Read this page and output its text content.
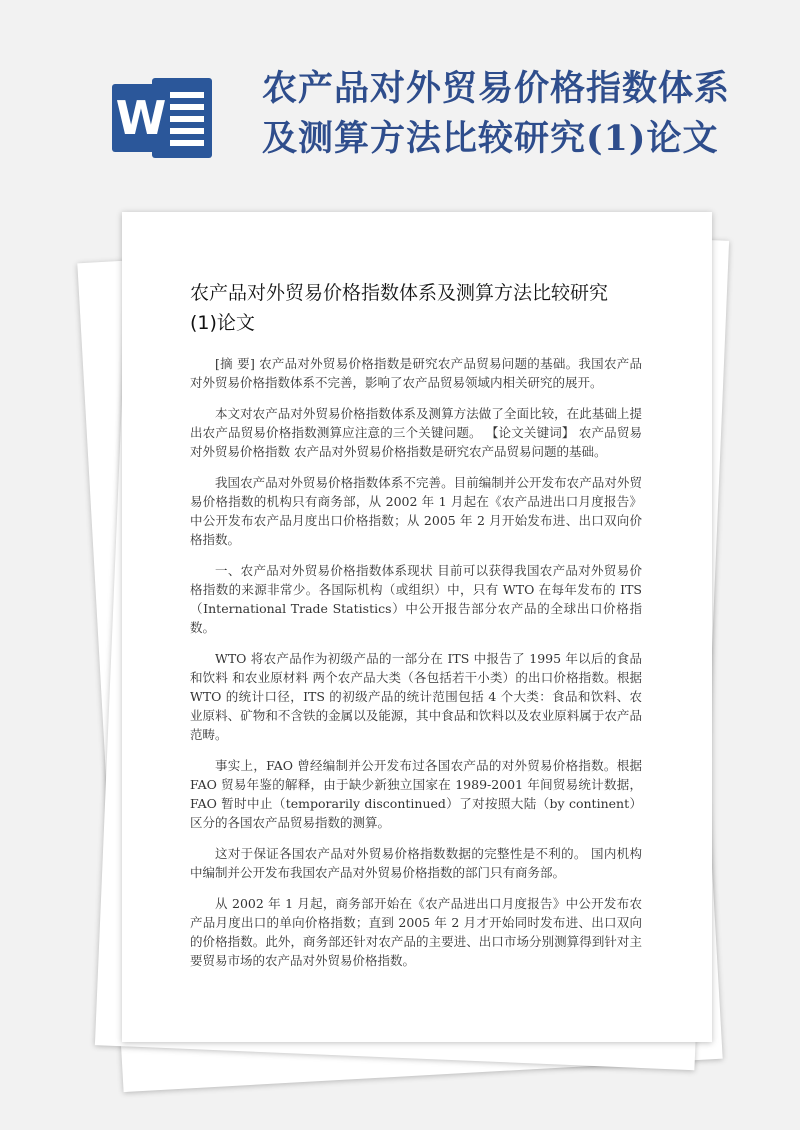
W
农产品对外贸易价格指数体系
及测算方法比较研究(1)论文
农产品对外贸易价格指数体系及测算方法比较研究
(1)论文

[摘 要] 农产品对外贸易价格指数是研究农产品贸易问题的基础。我国农产品对外贸易价格指数体系不完善，影响了农产品贸易领域内相关研究的展开。

本文对农产品对外贸易价格指数体系及测算方法做了全面比较，在此基础上提出农产品贸易价格指数测算应注意的三个关键问题。 【论文关键词】 农产品贸易对外贸易价格指数 农产品对外贸易价格指数是研究农产品贸易问题的基础。

我国农产品对外贸易价格指数体系不完善。目前编制并公开发布农产品对外贸易价格指数的机构只有商务部，从 2002 年 1 月起在《农产品进出口月度报告》中公开发布农产品月度出口价格指数；从 2005 年 2 月开始发布进、出口双向价格指数。

一、农产品对外贸易价格指数体系现状 目前可以获得我国农产品对外贸易价格指数的来源非常少。各国际机构（或组织）中，只有 WTO 在每年发布的 ITS（International Trade Statistics）中公开报告部分农产品的全球出口价格指数。

WTO 将农产品作为初级产品的一部分在 ITS 中报告了 1995 年以后的食品和饮料 和农业原材料 两个农产品大类（各包括若干小类）的出口价格指数。根据 WTO 的统计口径，ITS 的初级产品的统计范围包括 4 个大类：食品和饮料、农业原料、矿物和不含铁的金属以及能源，其中食品和饮料以及农业原料属于农产品范畴。

事实上，FAO 曾经编制并公开发布过各国农产品的对外贸易价格指数。根据 FAO 贸易年鉴的解释，由于缺少新独立国家在 1989-2001 年间贸易统计数据，FAO 暂时中止（temporarily discontinued）了对按照大陆（by continent）区分的各国农产品贸易指数的测算。

这对于保证各国农产品对外贸易价格指数数据的完整性是不利的。 国内机构中编制并公开发布我国农产品对外贸易价格指数的部门只有商务部。

从 2002 年 1 月起，商务部开始在《农产品进出口月度报告》中公开发布农产品月度出口的单向价格指数；直到 2005 年 2 月才开始同时发布进、出口双向的价格指数。此外，商务部还针对农产品的主要进、出口市场分别测算得到针对主要贸易市场的农产品对外贸易价格指数。
